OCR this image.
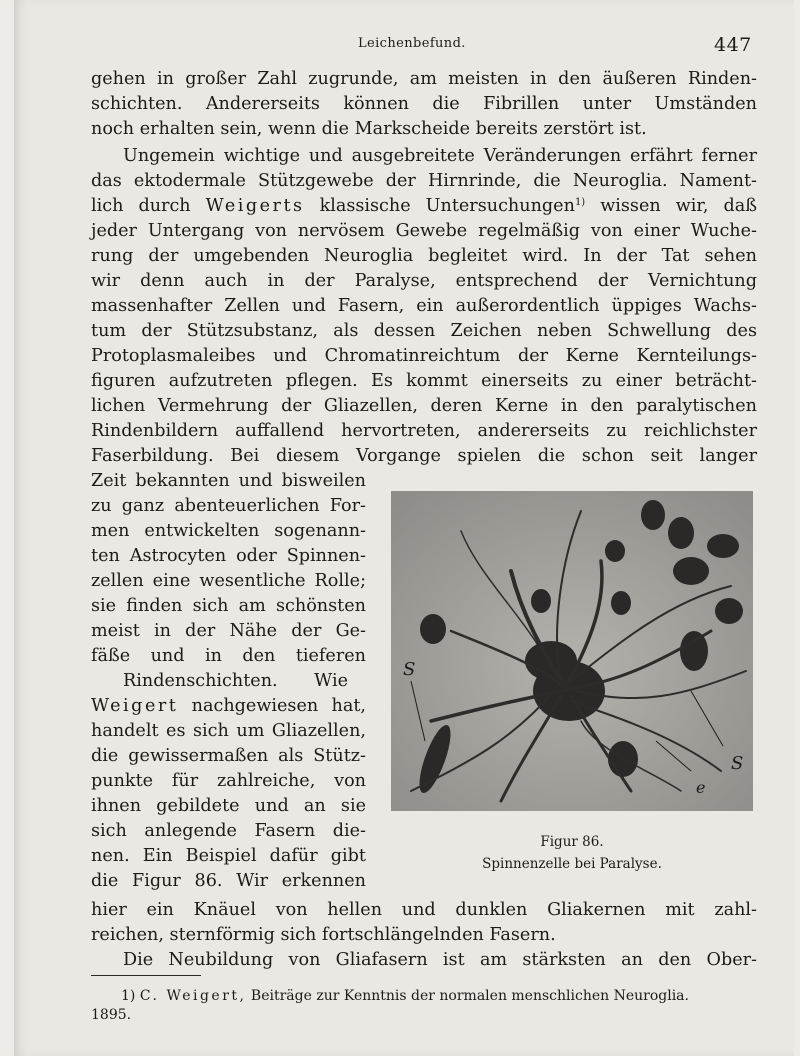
Leichenbefund.	447
gehen in großer Zahl zugrunde, am meisten in den äußeren Rinden-
schichten. Andererseits können die Fibrillen unter Umständen
noch erhalten sein, wenn die Markscheide bereits zerstört ist.
Ungemein wichtige und ausgebreitete Veränderungen erfährt ferner
das ektodermale Stützgewebe der Hirnrinde, die Neuroglia. Nament-
lich durch Weigerts klassische Untersuchungen$^{1)}$ wissen wir, daß
jeder Untergang von nervösem Gewebe regelmäßig von einer Wuche-
rung der umgebenden Neuroglia begleitet wird. In der Tat sehen
wir denn auch in der Paralyse, entsprechend der Vernichtung
massenhafter Zellen und Fasern, ein außerordentlich üppiges Wachs-
tum der Stützsubstanz, als dessen Zeichen neben Schwellung des
Protoplasmaleibes und Chromatinreichtum der Kerne Kernteilungs-
figuren aufzutreten pflegen. Es kommt einerseits zu einer beträcht-
lichen Vermehrung der Gliazellen, deren Kerne in den paralytischen
Rindenbildern auffallend hervortreten, andererseits zu reichlichster
Faserbildung. Bei diesem Vorgange spielen die schon seit langer
Zeit bekannten und bisweilen
zu ganz abenteuerlichen For-
men entwickelten sogenann-
ten Astrocyten oder Spinnen-
zellen eine wesentliche Rolle;
sie finden sich am schönsten
meist in der Nähe der Ge-
fäße und in den tieferen
Rindenschichten. Wie
Weigert nachgewiesen hat,
handelt es sich um Gliazellen,
die gewissermaßen als Stütz-
punkte für zahlreiche, von
ihnen gebildete und an sie
sich anlegende Fasern die-
nen. Ein Beispiel dafür gibt
die Figur 86. Wir erkennen
S
S
e
Figur 86.
Spinnenzelle bei Paralyse.
hier ein Knäuel von hellen und dunklen Gliakernen mit zahl-
reichen, sternförmig sich fortschlängelnden Fasern.
Die Neubildung von Gliafasern ist am stärksten an den Ober-
1) C. Weigert, Beiträge zur Kenntnis der normalen menschlichen Neuroglia.
1895.
